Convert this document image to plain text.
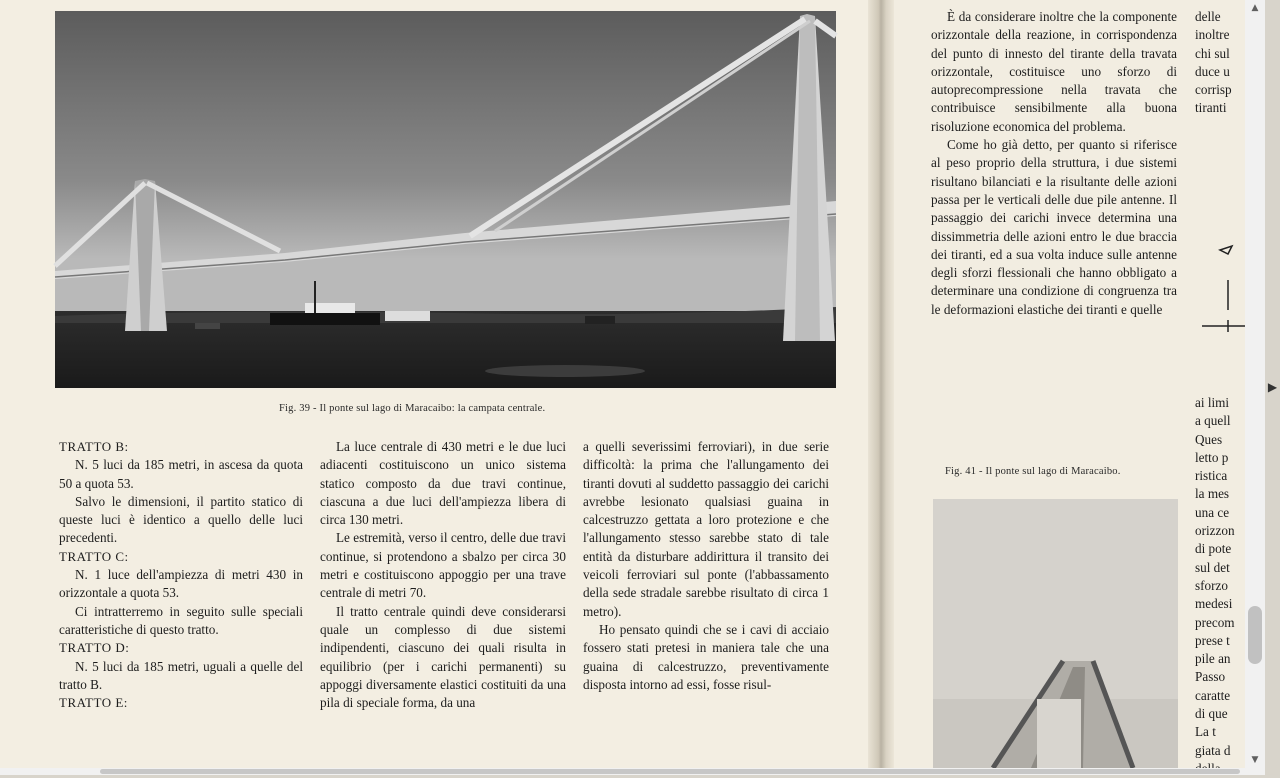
Fig. 39 - Il ponte sul lago di Maracaibo: la campata centrale.

TRATTO B:

N. 5 luci da 185 metri, in ascesa da quota 50 a quota 53.

Salvo le dimensioni, il partito statico di queste luci è identico a quello delle luci precedenti.

TRATTO C:

N. 1 luce dell'ampiezza di metri 430 in orizzontale a quota 53.

Ci intratterremo in seguito sulle speciali caratteristiche di questo tratto.

TRATTO D:

N. 5 luci da 185 metri, uguali a quelle del tratto B.

TRATTO E:

La luce centrale di 430 metri e le due luci adiacenti costituiscono un unico sistema statico composto da due travi continue, ciascuna a due luci dell'ampiezza libera di circa 130 metri.

Le estremità, verso il centro, delle due travi continue, si protendono a sbalzo per circa 30 metri e costituiscono appoggio per una trave centrale di metri 70.

Il tratto centrale quindi deve considerarsi quale un complesso di due sistemi indipendenti, ciascuno dei quali risulta in equilibrio (per i carichi permanenti) su appoggi diversamente elastici costituiti da una pila di speciale forma, da una

a quelli severissimi ferroviari), in due serie difficoltà: la prima che l'allungamento dei tiranti dovuti al suddetto passaggio dei carichi avrebbe lesionato qualsiasi guaina in calcestruzzo gettata a loro protezione e che l'allungamento stesso sarebbe stato di tale entità da disturbare addirittura il transito dei veicoli ferroviari sul ponte (l'abbassamento della sede stradale sarebbe risultato di circa 1 metro).

Ho pensato quindi che se i cavi di acciaio fossero stati pretesi in maniera tale che una guaina di calcestruzzo, preventivamente disposta intorno ad essi, fosse risul-

È da considerare inoltre che la componente orizzontale della reazione, in corrispondenza del punto di innesto del tirante della travata orizzontale, costituisce uno sforzo di autoprecompressione nella travata che contribuisce sensibilmente alla buona risoluzione economica del problema.

Come ho già detto, per quanto si riferisce al peso proprio della struttura, i due sistemi risultano bilanciati e la risultante delle azioni passa per le verticali delle due pile antenne. Il passaggio dei carichi invece determina una dissimmetria delle azioni entro le due braccia dei tiranti, ed a sua volta induce sulle antenne degli sforzi flessionali che hanno obbligato a determinare una condizione di congruenza tra le deformazioni elastiche dei tiranti e quelle

delle
inoltre
chi sul
duce u
corrisp
tiranti
ai limi
a quell
Ques
letto p
ristica
la mes
una ce
orizzon
di pote
sul det
sforzo
medesi
precom
prese t
pile an
Passo
caratte
di que
La t
giata d
Fig. 41 - Il ponte sul lago di Maracaibo.
▲
▼
▶
